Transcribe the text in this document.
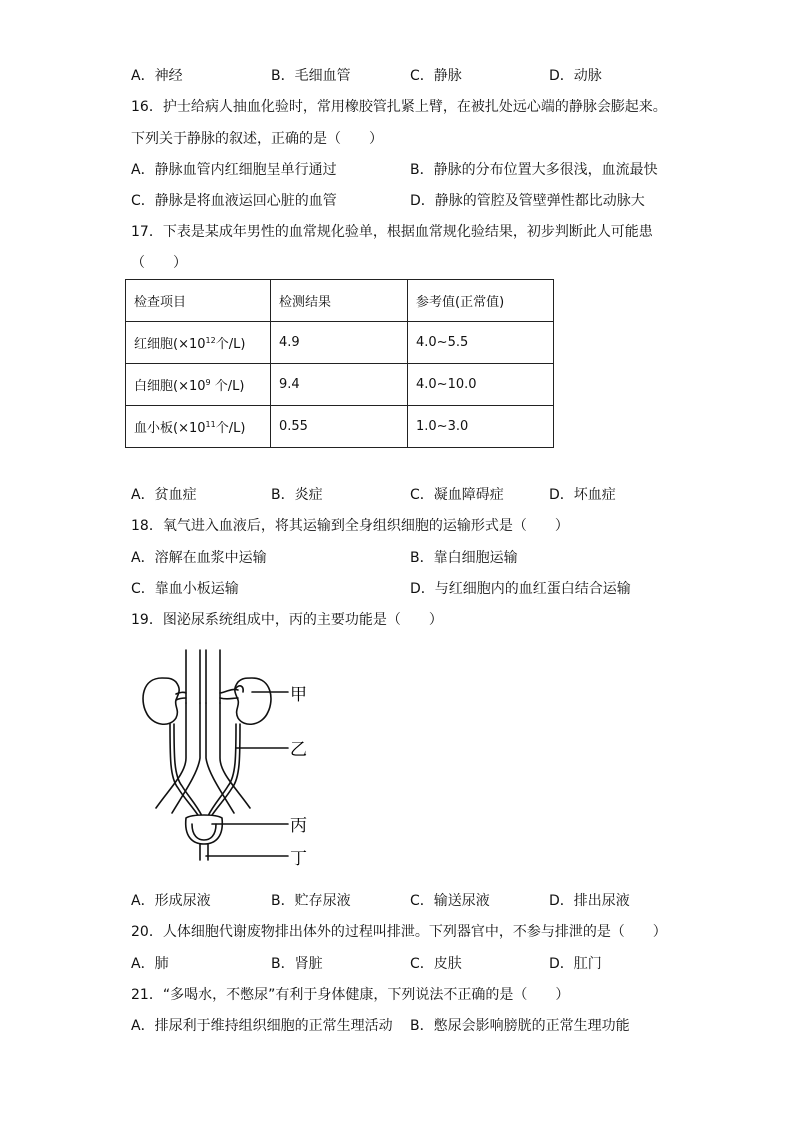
A．神经	B．毛细血管	C．静脉	D．动脉
16．护士给病人抽血化验时，常用橡胶管扎紧上臂，在被扎处远心端的静脉会膨起来。
下列关于静脉的叙述，正确的是（　　）
A．静脉血管内红细胞呈单行通过	B．静脉的分布位置大多很浅，血流最快
C．静脉是将血液运回心脏的血管	D．静脉的管腔及管壁弹性都比动脉大
17．下表是某成年男性的血常规化验单，根据血常规化验结果，初步判断此人可能患
（　　）
检查项目	检测结果	参考值(正常值)
红细胞($\times 10^{12}$个/L)	4.9	4.0~5.5
白细胞($\times 10^9$ 个/L)	9.4	4.0~10.0
血小板($\times 10^{11}$个/L)	0.55	1.0~3.0
A．贫血症	B．炎症	C．凝血障碍症	D．坏血症
18．氧气进入血液后，将其运输到全身组织细胞的运输形式是（　　）
A．溶解在血浆中运输	B．靠白细胞运输
C．靠血小板运输	D．与红细胞内的血红蛋白结合运输
19．图泌尿系统组成中，丙的主要功能是（　　）
甲
乙
丙
丁
A．形成尿液	B．贮存尿液	C．输送尿液	D．排出尿液
20．人体细胞代谢废物排出体外的过程叫排泄。下列器官中，不参与排泄的是（　　）
A．肺	B．肾脏	C．皮肤	D．肛门
21．“多喝水，不憋尿”有利于身体健康，下列说法不正确的是（　　）
A．排尿利于维持组织细胞的正常生理活动 B．憋尿会影响膀胱的正常生理功能
